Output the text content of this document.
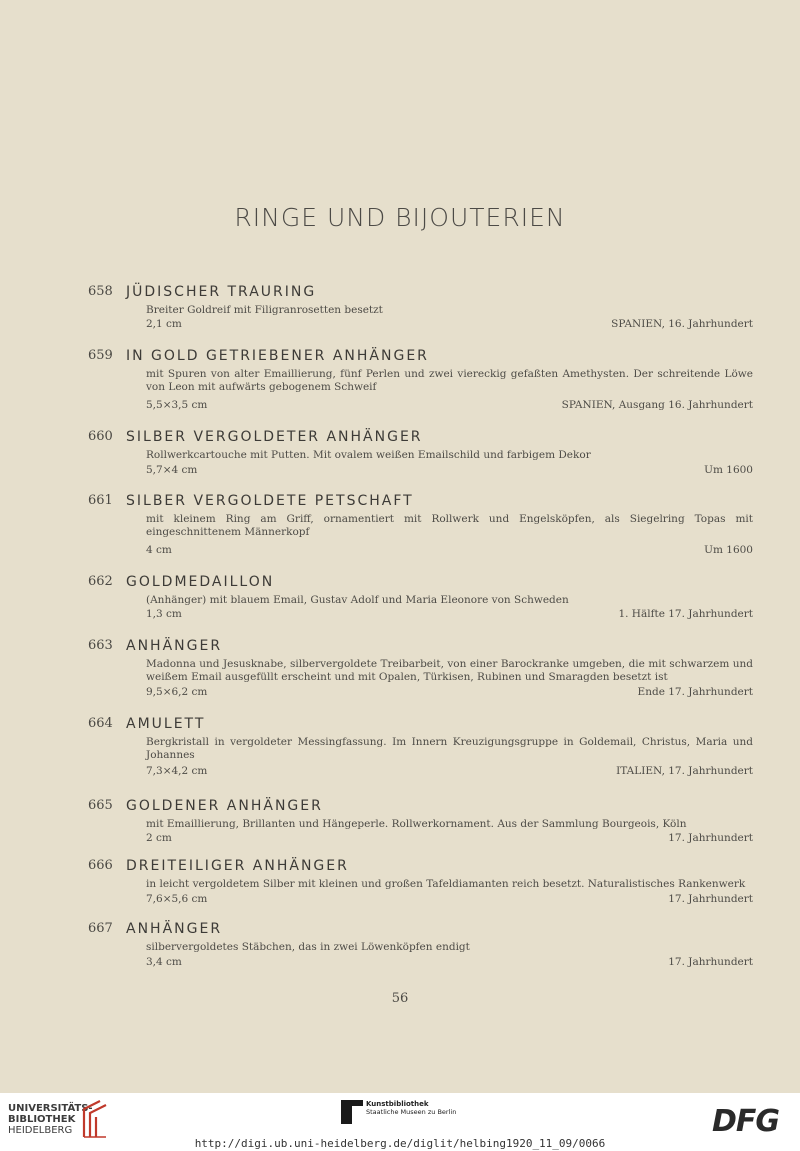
RINGE UND BIJOUTERIEN
658 JÜDISCHER TRAURING
Breiter Goldreif mit Filigranrosetten besetzt
2,1 cm	SPANIEN, 16. Jahrhundert
659 IN GOLD GETRIEBENER ANHÄNGER
mit Spuren von alter Emaillierung, fünf Perlen und zwei viereckig gefaßten Amethysten. Der schreitende Löwe von Leon mit aufwärts gebogenem Schweif
5,5×3,5 cm	SPANIEN, Ausgang 16. Jahrhundert
660 SILBER VERGOLDETER ANHÄNGER
Rollwerkcartouche mit Putten. Mit ovalem weißen Emailschild und farbigem Dekor
5,7×4 cm	Um 1600
661 SILBER VERGOLDETE PETSCHAFT
mit kleinem Ring am Griff, ornamentiert mit Rollwerk und Engelsköpfen, als Siegelring Topas mit eingeschnittenem Männerkopf
4 cm	Um 1600
662 GOLDMEDAILLON
(Anhänger) mit blauem Email, Gustav Adolf und Maria Eleonore von Schweden
1,3 cm	1. Hälfte 17. Jahrhundert
663 ANHÄNGER
Madonna und Jesusknabe, silbervergoldete Treibarbeit, von einer Barockranke umgeben, die mit schwarzem und weißem Email ausgefüllt erscheint und mit Opalen, Türkisen, Rubinen und Smaragden besetzt ist
9,5×6,2 cm	Ende 17. Jahrhundert
664 AMULETT
Bergkristall in vergoldeter Messingfassung. Im Innern Kreuzigungsgruppe in Goldemail, Christus, Maria und Johannes
7,3×4,2 cm	ITALIEN, 17. Jahrhundert
665 GOLDENER ANHÄNGER
mit Emaillierung, Brillanten und Hängeperle. Rollwerkornament. Aus der Sammlung Bourgeois, Köln
2 cm	17. Jahrhundert
666 DREITEILIGER ANHÄNGER
in leicht vergoldetem Silber mit kleinen und großen Tafeldiamanten reich besetzt. Naturalistisches Rankenwerk
7,6×5,6 cm	17. Jahrhundert
667 ANHÄNGER
silbervergoldetes Stäbchen, das in zwei Löwenköpfen endigt
3,4 cm	17. Jahrhundert
56
UNIVERSITÄTS-
BIBLIOTHEK
HEIDELBERG
Kunstbibliothek
Staatliche Museen zu Berlin	DFG
http://digi.ub.uni-heidelberg.de/diglit/helbing1920_11_09/0066
